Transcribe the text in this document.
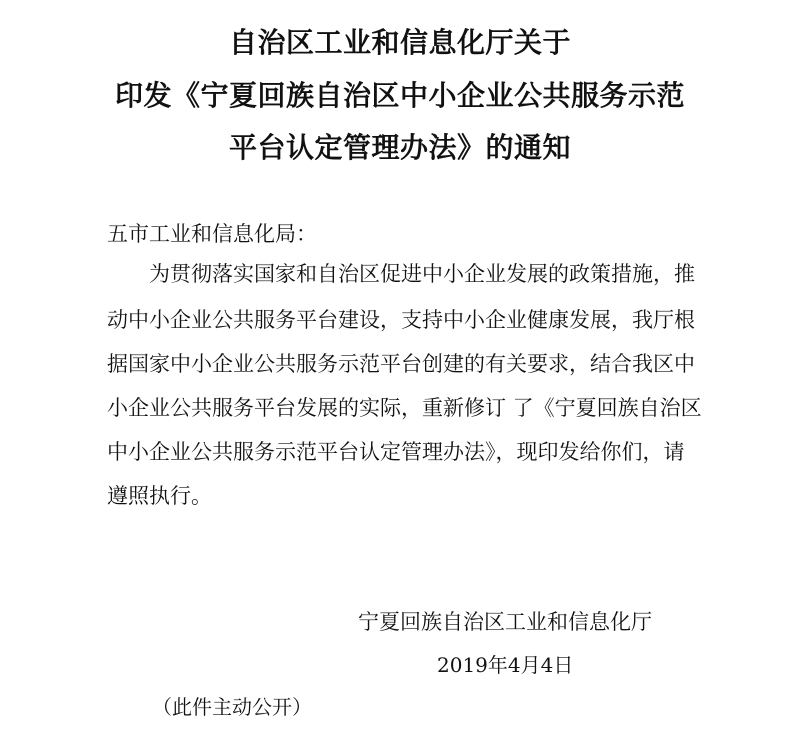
自治区工业和信息化厅关于
印发《宁夏回族自治区中小企业公共服务示范
平台认定管理办法》的通知
五市工业和信息化局：
为贯彻落实国家和自治区促进中小企业发展的政策措施，推
动中小企业公共服务平台建设，支持中小企业健康发展，我厅根
据国家中小企业公共服务示范平台创建的有关要求，结合我区中
小企业公共服务平台发展的实际，重新修订 了《宁夏回族自治区
中小企业公共服务示范平台认定管理办法》，现印发给你们，请
遵照执行。
宁夏回族自治区工业和信息化厅
2019年4月4日
（此件主动公开）
